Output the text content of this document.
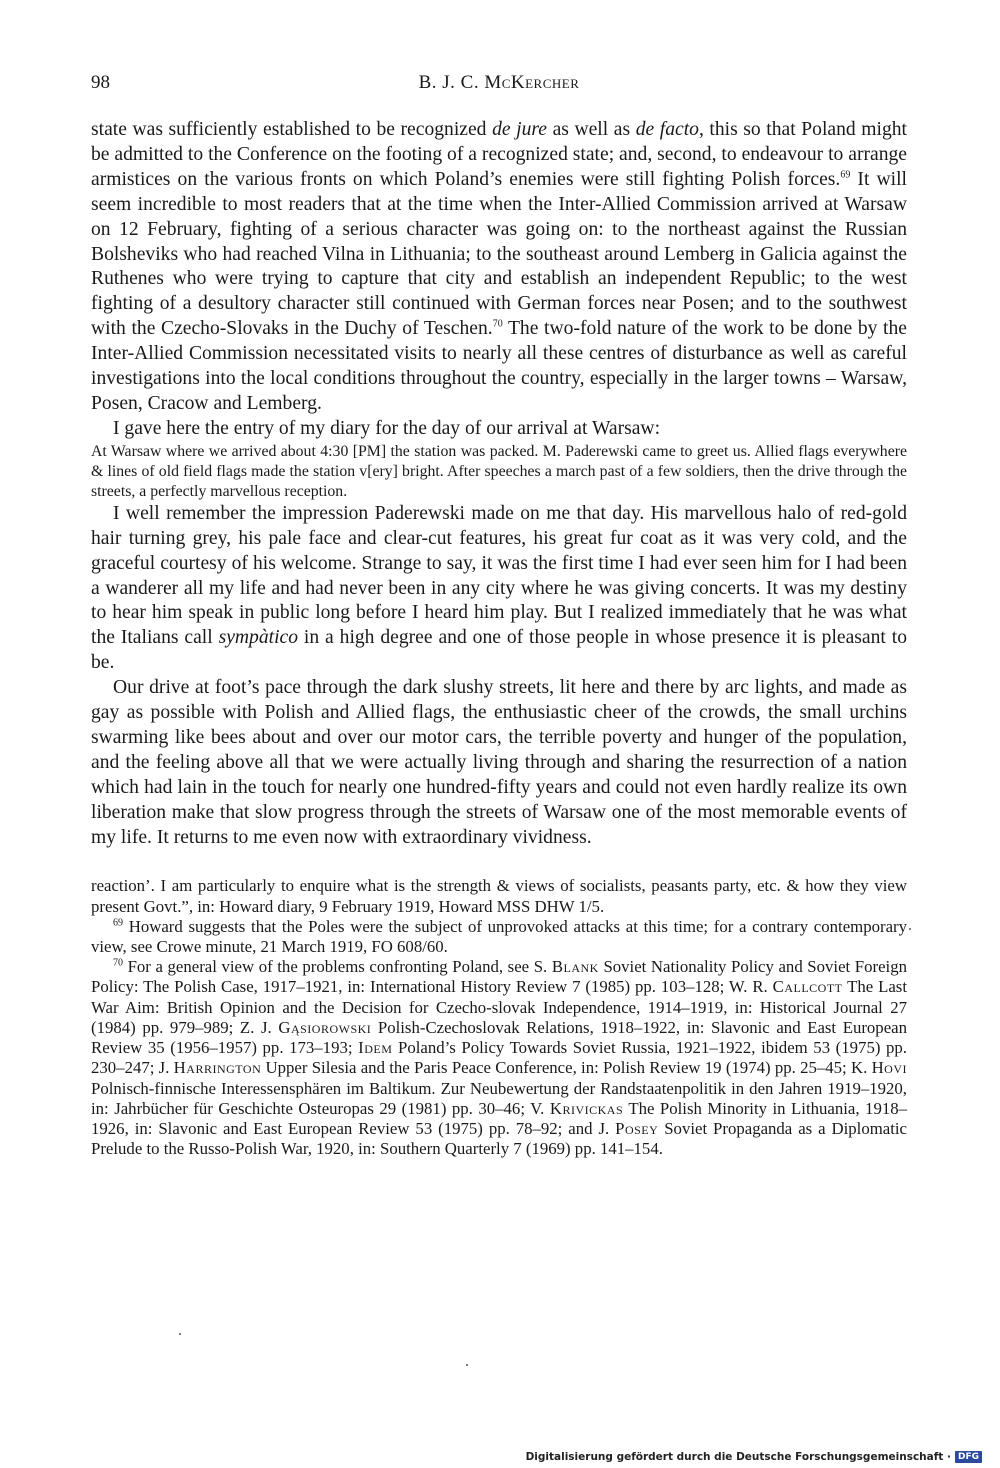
98	B. J. C. McKercher

state was sufficiently established to be recognized de jure as well as de facto, this so that Poland might be admitted to the Conference on the footing of a recognized state; and, second, to endeavour to arrange armistices on the various fronts on which Poland’s enemies were still fighting Polish forces.$^{69}$ It will seem incredible to most readers that at the time when the Inter-Allied Commission arrived at Warsaw on 12 February, fighting of a serious character was going on: to the northeast against the Russian Bolsheviks who had reached Vilna in Lithuania; to the southeast around Lemberg in Galicia against the Ruthenes who were trying to capture that city and establish an independent Republic; to the west fighting of a desultory character still continued with German forces near Posen; and to the southwest with the Czecho-Slovaks in the Duchy of Teschen.$^{70}$ The two-fold nature of the work to be done by the Inter-Allied Commission necessitated visits to nearly all these centres of disturbance as well as careful investigations into the local conditions throughout the country, especially in the larger towns – Warsaw, Posen, Cracow and Lemberg.

I gave here the entry of my diary for the day of our arrival at Warsaw:

At Warsaw where we arrived about 4:30 [PM] the station was packed. M. Paderewski came to greet us. Allied flags everywhere & lines of old field flags made the station v[ery] bright. After speeches a march past of a few soldiers, then the drive through the streets, a perfectly marvellous reception.

I well remember the impression Paderewski made on me that day. His marvellous halo of red-gold hair turning grey, his pale face and clear-cut features, his great fur coat as it was very cold, and the graceful courtesy of his welcome. Strange to say, it was the first time I had ever seen him for I had been a wanderer all my life and had never been in any city where he was giving concerts. It was my destiny to hear him speak in public long before I heard him play. But I realized immediately that he was what the Italians call sympàtico in a high degree and one of those people in whose presence it is pleasant to be.

Our drive at foot’s pace through the dark slushy streets, lit here and there by arc lights, and made as gay as possible with Polish and Allied flags, the enthusiastic cheer of the crowds, the small urchins swarming like bees about and over our motor cars, the terrible poverty and hunger of the population, and the feeling above all that we were actually living through and sharing the resurrection of a nation which had lain in the touch for nearly one hundred-fifty years and could not even hardly realize its own liberation make that slow progress through the streets of Warsaw one of the most memorable events of my life. It returns to me even now with extraordinary vividness.

reaction’. I am particularly to enquire what is the strength & views of socialists, peasants party, etc. & how they view present Govt.”, in: Howard diary, 9 February 1919, Howard MSS DHW 1/5.

$^{69}$ Howard suggests that the Poles were the subject of unprovoked attacks at this time; for a contrary contemporary view, see Crowe minute, 21 March 1919, FO 608/60.

$^{70}$ For a general view of the problems confronting Poland, see S. Blank Soviet Nationality Policy and Soviet Foreign Policy: The Polish Case, 1917–1921, in: International History Review 7 (1985) pp. 103–128; W. R. Callcott The Last War Aim: British Opinion and the Decision for Czecho-slovak Independence, 1914–1919, in: Historical Journal 27 (1984) pp. 979–989; Z. J. Gąsiorowski Polish-Czechoslovak Relations, 1918–1922, in: Slavonic and East European Review 35 (1956–1957) pp. 173–193; Idem Poland’s Policy Towards Soviet Russia, 1921–1922, ibidem 53 (1975) pp. 230–247; J. Harrington Upper Silesia and the Paris Peace Conference, in: Polish Review 19 (1974) pp. 25–45; K. Hovi Polnisch-finnische Interessensphären im Baltikum. Zur Neubewertung der Randstaatenpolitik in den Jahren 1919–1920, in: Jahrbücher für Geschichte Osteuropas 29 (1981) pp. 30–46; V. Krivickas The Polish Minority in Lithuania, 1918–1926, in: Slavonic and East European Review 53 (1975) pp. 78–92; and J. Posey Soviet Propaganda as a Diplomatic Prelude to the Russo-Polish War, 1920, in: Southern Quarterly 7 (1969) pp. 141–154.

Digitalisierung gefördert durch die Deutsche Forschungsgemeinschaft · DFG
